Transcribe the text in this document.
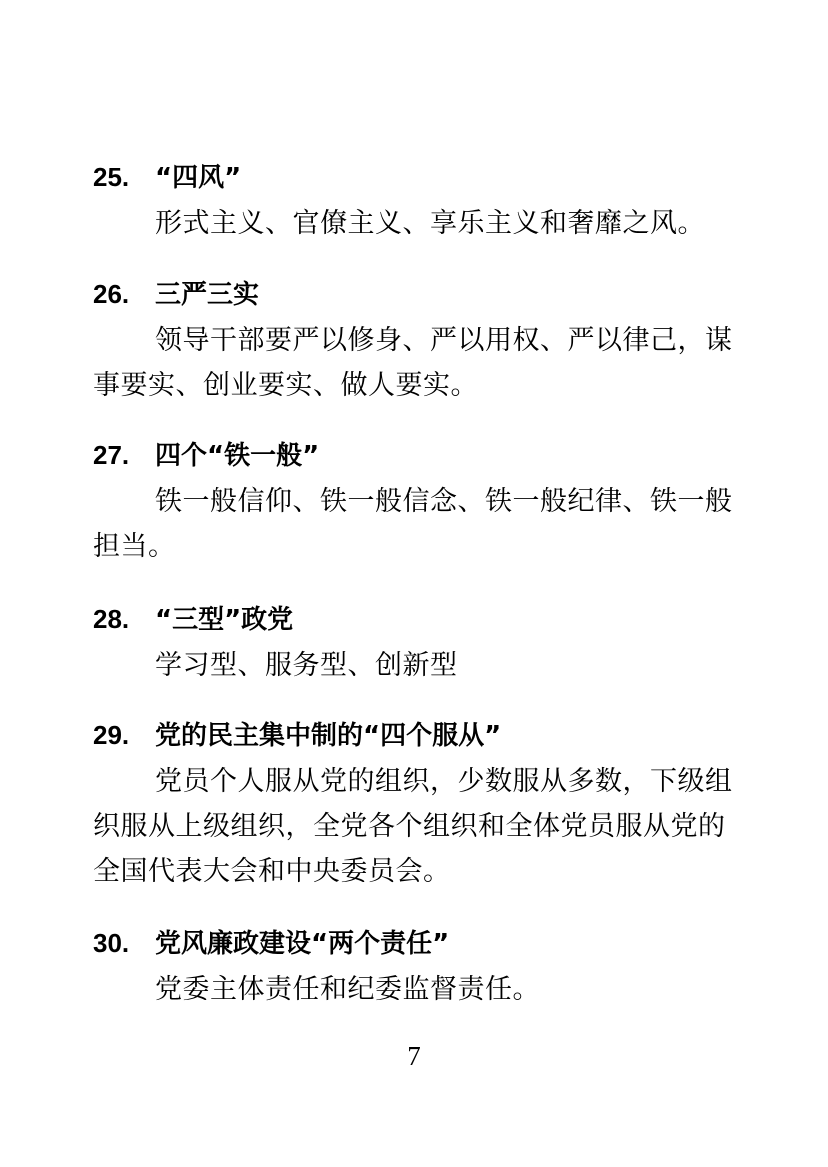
25. “四风”

形式主义、官僚主义、享乐主义和奢靡之风。

26. 三严三实

领导干部要严以修身、严以用权、严以律己，谋事要实、创业要实、做人要实。

27. 四个“铁一般”

铁一般信仰、铁一般信念、铁一般纪律、铁一般担当。

28. “三型”政党

学习型、服务型、创新型

29. 党的民主集中制的“四个服从”

党员个人服从党的组织，少数服从多数，下级组织服从上级组织，全党各个组织和全体党员服从党的全国代表大会和中央委员会。

30. 党风廉政建设“两个责任”

党委主体责任和纪委监督责任。

7
